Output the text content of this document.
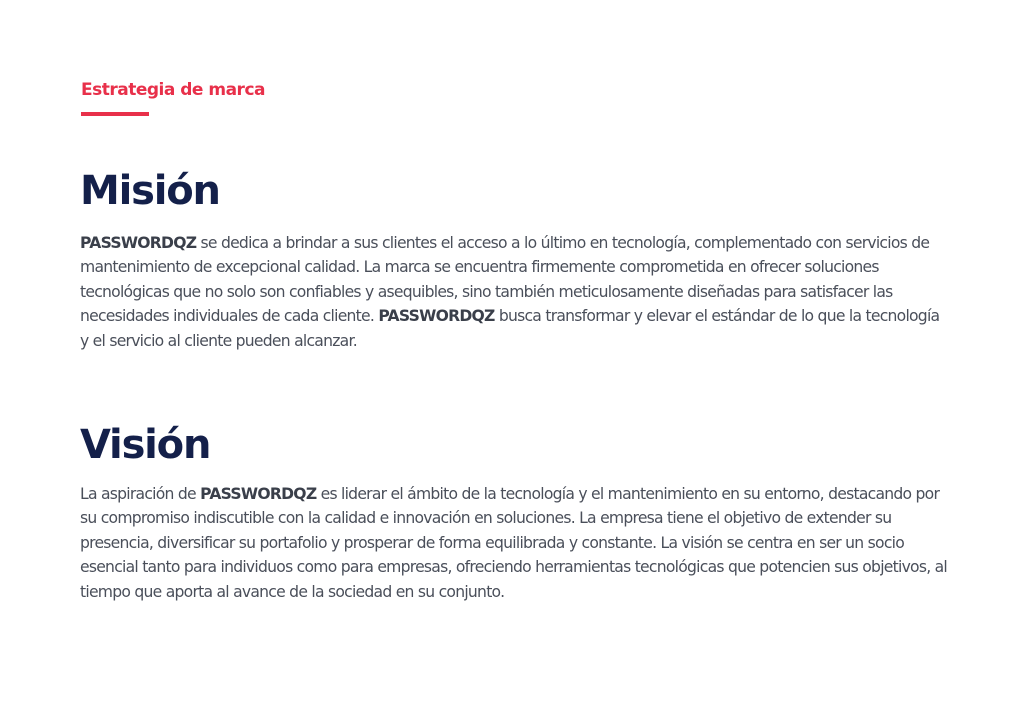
Estrategia de marca
Misión
PASSWORDQZ se dedica a brindar a sus clientes el acceso a lo último en tecnología, complementado con servicios de mantenimiento de excepcional calidad. La marca se encuentra firmemente comprometida en ofrecer soluciones tecnológicas que no solo son confiables y asequibles, sino también meticulosamente diseñadas para satisfacer las necesidades individuales de cada cliente. PASSWORDQZ busca transformar y elevar el estándar de lo que la tecnología y el servicio al cliente pueden alcanzar.
Visión
La aspiración de PASSWORDQZ es liderar el ámbito de la tecnología y el mantenimiento en su entorno, destacando por su compromiso indiscutible con la calidad e innovación en soluciones. La empresa tiene el objetivo de extender su presencia, diversificar su portafolio y prosperar de forma equilibrada y constante. La visión se centra en ser un socio esencial tanto para individuos como para empresas, ofreciendo herramientas tecnológicas que potencien sus objetivos, al tiempo que aporta al avance de la sociedad en su conjunto.
